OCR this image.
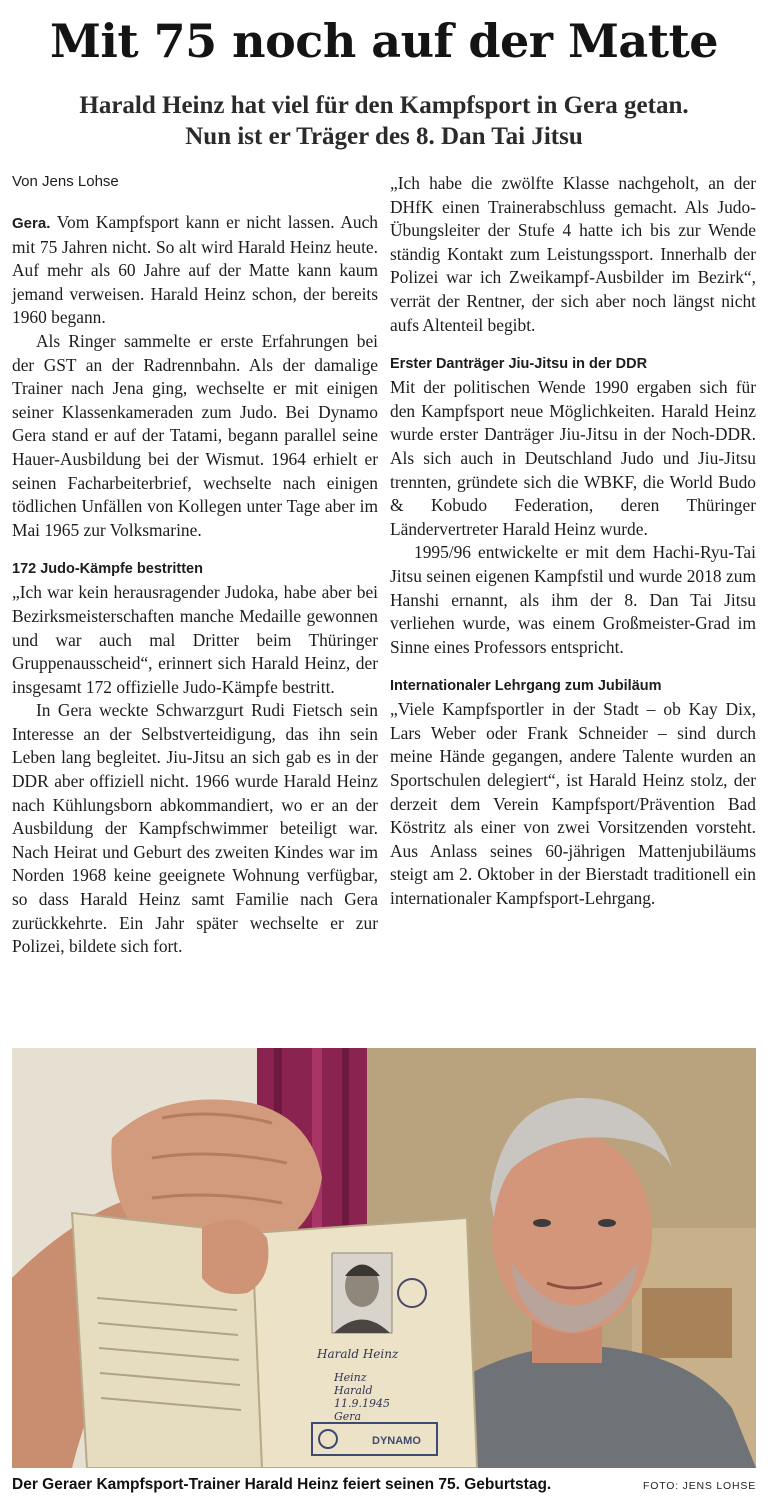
Mit 75 noch auf der Matte
Harald Heinz hat viel für den Kampfsport in Gera getan.
Nun ist er Träger des 8. Dan Tai Jitsu

Von Jens Lohse

Gera. Vom Kampfsport kann er nicht lassen. Auch mit 75 Jahren nicht. So alt wird Harald Heinz heute. Auf mehr als 60 Jahre auf der Matte kann kaum jemand verweisen. Harald Heinz schon, der bereits 1960 begann.

Als Ringer sammelte er erste Erfahrungen bei der GST an der Radrennbahn. Als der damalige Trainer nach Jena ging, wechselte er mit einigen seiner Klassenkameraden zum Judo. Bei Dynamo Gera stand er auf der Tatami, begann parallel seine Hauer-Ausbildung bei der Wismut. 1964 erhielt er seinen Facharbeiterbrief, wechselte nach einigen tödlichen Unfällen von Kollegen unter Tage aber im Mai 1965 zur Volksmarine.

172 Judo-Kämpfe bestritten

„Ich war kein herausragender Judoka, habe aber bei Bezirksmeisterschaften manche Medaille gewonnen und war auch mal Dritter beim Thüringer Gruppenausscheid“, erinnert sich Harald Heinz, der insgesamt 172 offizielle Judo-Kämpfe bestritt.

In Gera weckte Schwarzgurt Rudi Fietsch sein Interesse an der Selbstverteidigung, das ihn sein Leben lang begleitet. Jiu-Jitsu an sich gab es in der DDR aber offiziell nicht. 1966 wurde Harald Heinz nach Kühlungsborn abkommandiert, wo er an der Ausbildung der Kampfschwimmer beteiligt war. Nach Heirat und Geburt des zweiten Kindes war im Norden 1968 keine geeignete Wohnung verfügbar, so dass Harald Heinz samt Familie nach Gera zurückkehrte. Ein Jahr später wechselte er zur Polizei, bildete sich fort.

„Ich habe die zwölfte Klasse nachgeholt, an der DHfK einen Trainerabschluss gemacht. Als Judo-Übungsleiter der Stufe 4 hatte ich bis zur Wende ständig Kontakt zum Leistungssport. Innerhalb der Polizei war ich Zweikampf-Ausbilder im Bezirk“, verrät der Rentner, der sich aber noch längst nicht aufs Altenteil begibt.

Erster Danträger Jiu-Jitsu in der DDR

Mit der politischen Wende 1990 ergaben sich für den Kampfsport neue Möglichkeiten. Harald Heinz wurde erster Danträger Jiu-Jitsu in der Noch-DDR. Als sich auch in Deutschland Judo und Jiu-Jitsu trennten, gründete sich die WBKF, die World Budo & Kobudo Federation, deren Thüringer Ländervertreter Harald Heinz wurde.

1995/96 entwickelte er mit dem Hachi-Ryu-Tai Jitsu seinen eigenen Kampfstil und wurde 2018 zum Hanshi ernannt, als ihm der 8. Dan Tai Jitsu verliehen wurde, was einem Großmeister-Grad im Sinne eines Professors entspricht.

Internationaler Lehrgang zum Jubiläum

„Viele Kampfsportler in der Stadt – ob Kay Dix, Lars Weber oder Frank Schneider – sind durch meine Hände gegangen, andere Talente wurden an Sportschulen delegiert“, ist Harald Heinz stolz, der derzeit dem Verein Kampfsport/Prävention Bad Köstritz als einer von zwei Vorsitzenden vorsteht. Aus Anlass seines 60-jährigen Mattenjubiläums steigt am 2. Oktober in der Bierstadt traditionell ein internationaler Kampfsport-Lehrgang.

DYNAMO
Harald Heinz
Heinz
Harald
11.9.1945
Gera
Der Geraer Kampfsport-Trainer Harald Heinz feiert seinen 75. Geburtstag.	FOTO: JENS LOHSE
